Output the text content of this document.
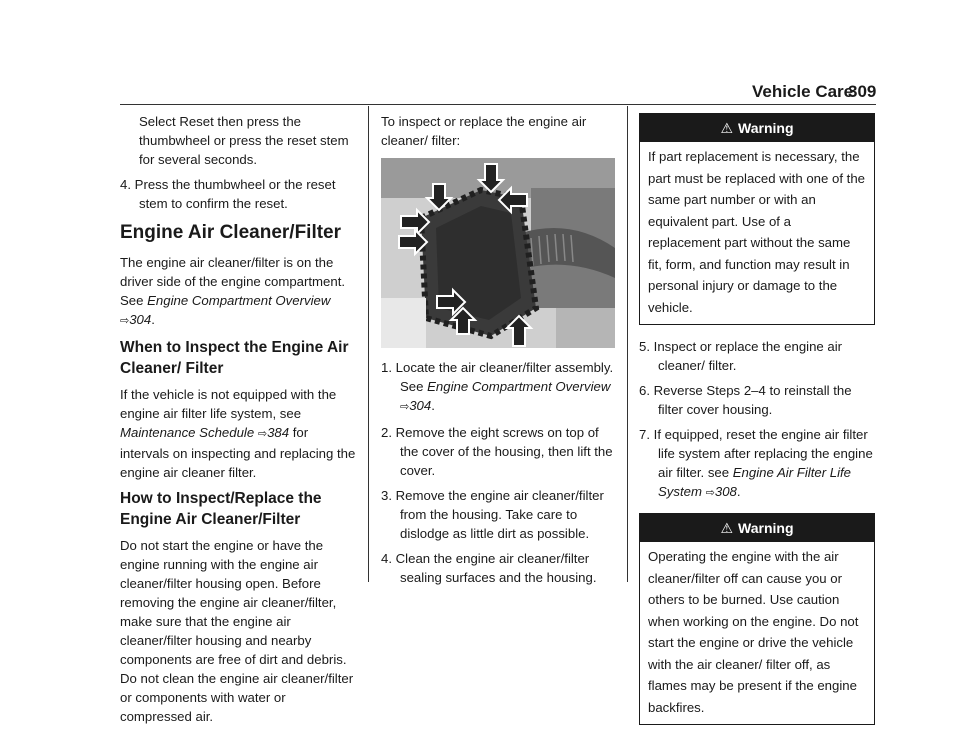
Vehicle Care
309

Select Reset then press the thumbwheel or press the reset stem for several seconds.

4. Press the thumbwheel or the reset stem to confirm the reset.

Engine Air Cleaner/Filter

The engine air cleaner/filter is on the driver side of the engine compartment. See Engine Compartment Overview ⇨304.

When to Inspect the Engine Air Cleaner/ Filter

If the vehicle is not equipped with the engine air filter life system, see Maintenance Schedule ⇨384 for intervals on inspecting and replacing the engine air cleaner filter.

How to Inspect/Replace the Engine Air Cleaner/Filter

Do not start the engine or have the engine running with the engine air cleaner/filter housing open. Before removing the engine air cleaner/filter, make sure that the engine air cleaner/filter housing and nearby components are free of dirt and debris. Do not clean the engine air cleaner/filter or components with water or compressed air.

To inspect or replace the engine air cleaner/ filter:

1. Locate the air cleaner/filter assembly. See Engine Compartment Overview ⇨304.

2. Remove the eight screws on top of the cover of the housing, then lift the cover.

3. Remove the engine air cleaner/filter from the housing. Take care to dislodge as little dirt as possible.

4. Clean the engine air cleaner/filter sealing surfaces and the housing.

⚠ Warning
If part replacement is necessary, the part must be replaced with one of the same part number or with an equivalent part. Use of a replacement part without the same fit, form, and function may result in personal injury or damage to the vehicle.

5. Inspect or replace the engine air cleaner/ filter.

6. Reverse Steps 2–4 to reinstall the filter cover housing.

7. If equipped, reset the engine air filter life system after replacing the engine air filter. see Engine Air Filter Life System ⇨308.

⚠ Warning
Operating the engine with the air cleaner/filter off can cause you or others to be burned. Use caution when working on the engine. Do not start the engine or drive the vehicle with the air cleaner/ filter off, as flames may be present if the engine backfires.
